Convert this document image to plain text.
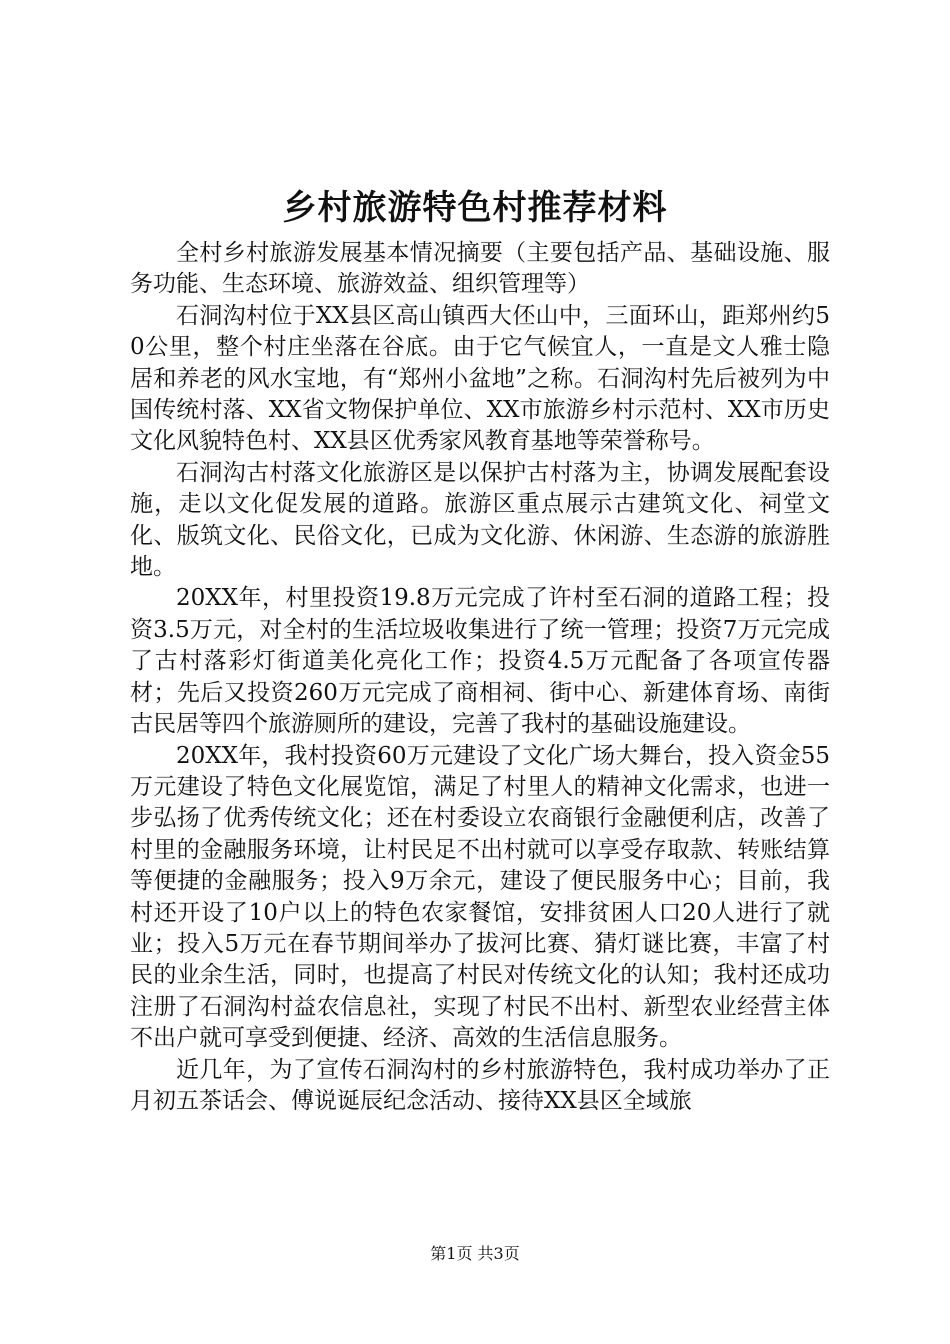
乡村旅游特色村推荐材料

全村乡村旅游发展基本情况摘要（主要包括产品、基础设施、服务功能、生态环境、旅游效益、组织管理等）

石洞沟村位于XX县区高山镇西大伾山中，三面环山，距郑州约50公里，整个村庄坐落在谷底。由于它气候宜人，一直是文人雅士隐居和养老的风水宝地，有“郑州小盆地”之称。石洞沟村先后被列为中国传统村落、XX省文物保护单位、XX市旅游乡村示范村、XX市历史文化风貌特色村、XX县区优秀家风教育基地等荣誉称号。

石洞沟古村落文化旅游区是以保护古村落为主，协调发展配套设施，走以文化促发展的道路。旅游区重点展示古建筑文化、祠堂文化、版筑文化、民俗文化，已成为文化游、休闲游、生态游的旅游胜地。

20XX年，村里投资19.8万元完成了许村至石洞的道路工程；投资3.5万元，对全村的生活垃圾收集进行了统一管理；投资7万元完成了古村落彩灯街道美化亮化工作；投资4.5万元配备了各项宣传器材；先后又投资260万元完成了商相祠、街中心、新建体育场、南街古民居等四个旅游厕所的建设，完善了我村的基础设施建设。

20XX年，我村投资60万元建设了文化广场大舞台，投入资金55万元建设了特色文化展览馆，满足了村里人的精神文化需求，也进一步弘扬了优秀传统文化；还在村委设立农商银行金融便利店，改善了村里的金融服务环境，让村民足不出村就可以享受存取款、转账结算等便捷的金融服务；投入9万余元，建设了便民服务中心；目前，我村还开设了10户以上的特色农家餐馆，安排贫困人口20人进行了就业；投入5万元在春节期间举办了拔河比赛、猜灯谜比赛，丰富了村民的业余生活，同时，也提高了村民对传统文化的认知；我村还成功注册了石洞沟村益农信息社，实现了村民不出村、新型农业经营主体不出户就可享受到便捷、经济、高效的生活信息服务。

近几年，为了宣传石洞沟村的乡村旅游特色，我村成功举办了正月初五茶话会、傅说诞辰纪念活动、接待XX县区全域旅

第1页 共3页
